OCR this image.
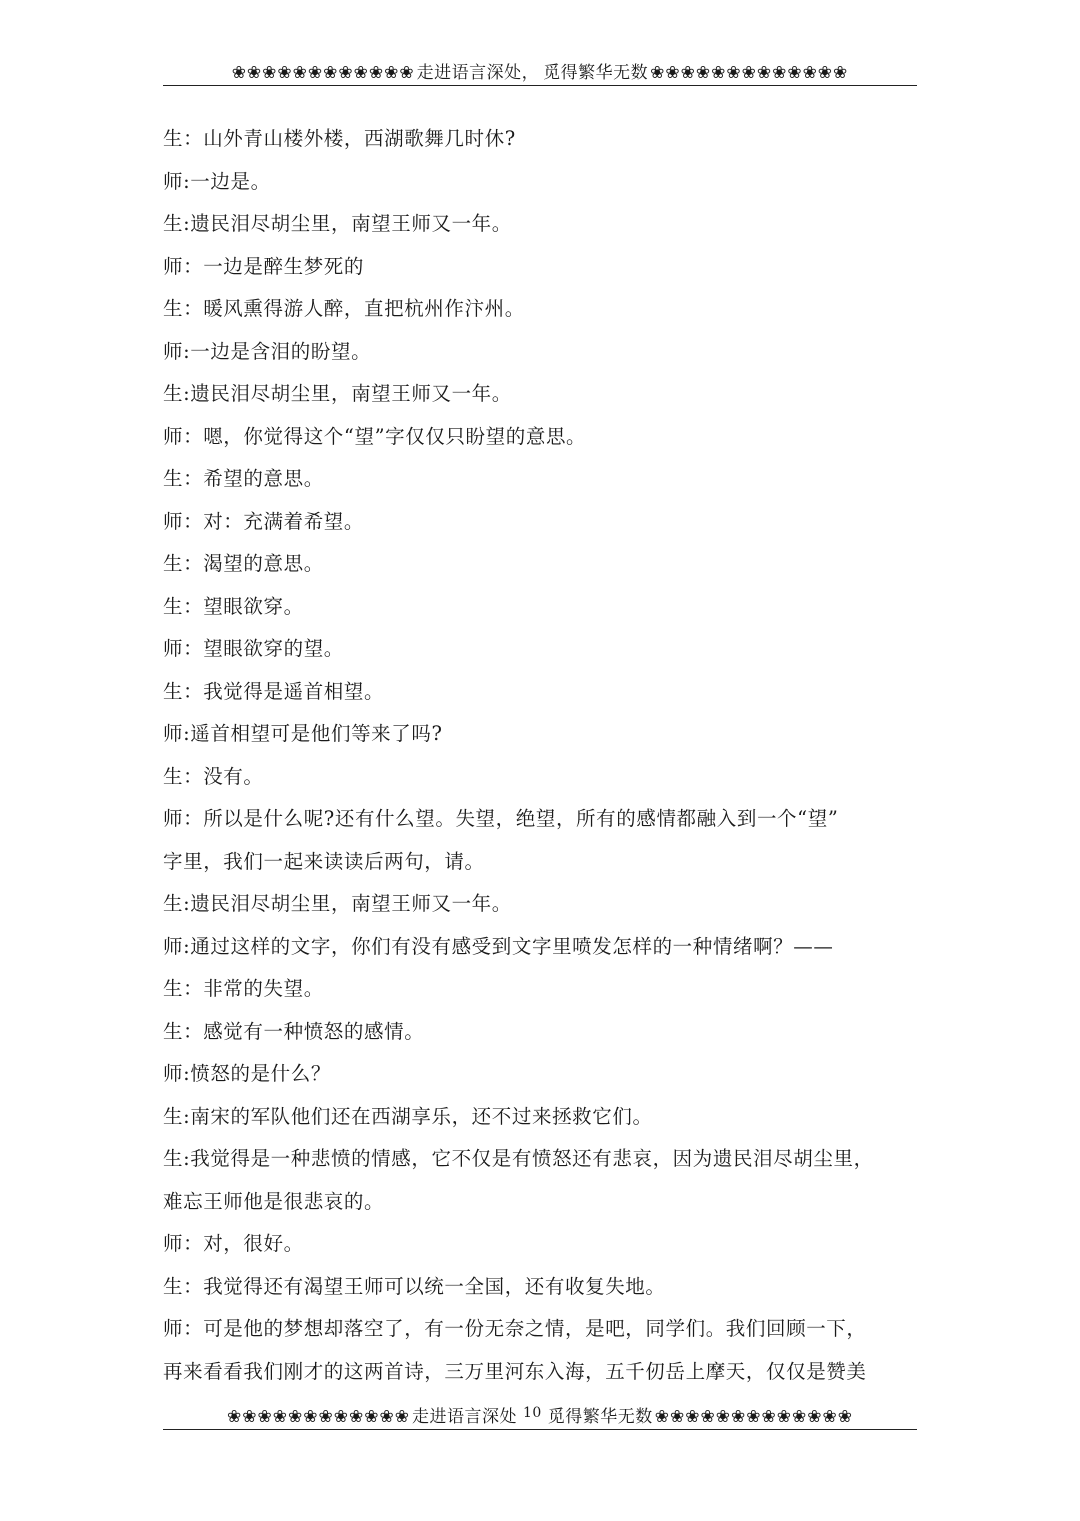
❀❀❀❀❀❀❀❀❀❀❀❀ 走进语言深处， 觅得繁华无数 ❀❀❀❀❀❀❀❀❀❀❀❀❀
生：山外青山楼外楼，西湖歌舞几时休?
师:一边是。
生:遗民泪尽胡尘里，南望王师又一年。
师：一边是醉生梦死的
生：暖风熏得游人醉，直把杭州作汴州。
师:一边是含泪的盼望。
生:遗民泪尽胡尘里，南望王师又一年。
师：嗯，你觉得这个“望”字仅仅只盼望的意思。
生：希望的意思。
师：对：充满着希望。
生：渴望的意思。
生：望眼欲穿。
师：望眼欲穿的望。
生：我觉得是遥首相望。
师:遥首相望可是他们等来了吗?
生：没有。
师：所以是什么呢?还有什么望。失望，绝望，所有的感情都融入到一个“望”
字里，我们一起来读读后两句，请。
生:遗民泪尽胡尘里，南望王师又一年。
师:通过这样的文字，你们有没有感受到文字里喷发怎样的一种情绪啊？——
生：非常的失望。
生：感觉有一种愤怒的感情。
师:愤怒的是什么？
生:南宋的军队他们还在西湖享乐，还不过来拯救它们。
生:我觉得是一种悲愤的情感，它不仅是有愤怒还有悲哀，因为遗民泪尽胡尘里，
难忘王师他是很悲哀的。
师：对，很好。
生：我觉得还有渴望王师可以统一全国，还有收复失地。
师：可是他的梦想却落空了，有一份无奈之情，是吧，同学们。我们回顾一下，
再来看看我们刚才的这两首诗，三万里河东入海，五千仞岳上摩天，仅仅是赞美
❀❀❀❀❀❀❀❀❀❀❀❀ 走进语言深处 10 觅得繁华无数 ❀❀❀❀❀❀❀❀❀❀❀❀❀
